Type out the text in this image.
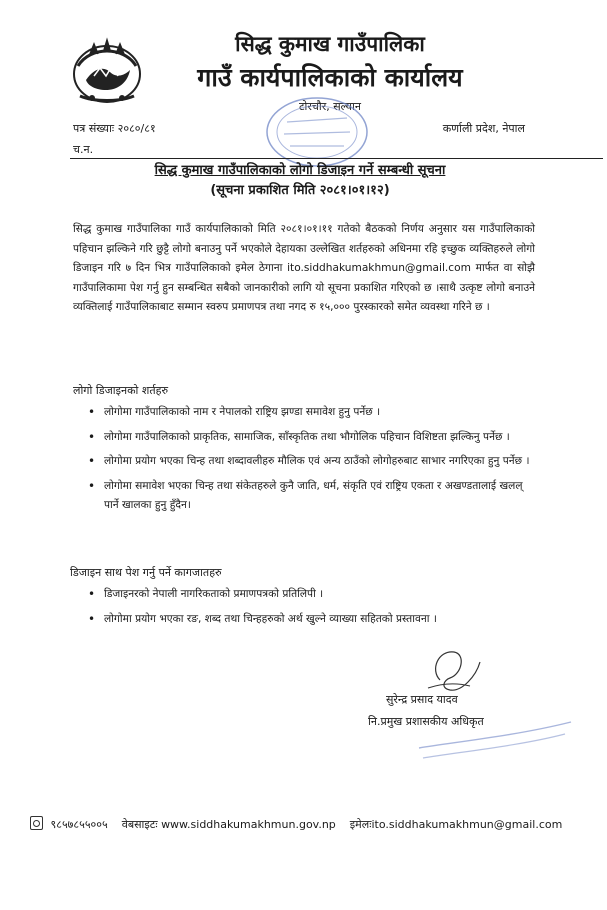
सिद्ध कुमाख गाउँपालिका
गाउँ कार्यपालिकाको कार्यालय
टोरचौर, सल्यान
पत्र संख्याः २०८०/८१
च.न.
कर्णाली प्रदेश, नेपाल
सिद्ध कुमाख गाउँपालिकाको लोगो डिजाइन गर्ने सम्बन्धी सूचना
(सूचना प्रकाशित मिति २०८१।०१।१२)
सिद्ध कुमाख गाउँपालिका गाउँ कार्यपालिकाको मिति २०८१।०१।११ गतेको बैठकको निर्णय अनुसार यस गाउँपालिकाको पहिचान झल्किने गरि छुट्टै लोगो बनाउनु पर्ने भएकोले देहायका उल्लेखित शर्तहरुको अधिनमा रहि इच्छुक व्यक्तिहरुले लोगो डिजाइन गरि ७ दिन भित्र गाउँपालिकाको इमेल ठेगाना ito.siddhakumakhmun@gmail.com मार्फत वा सोझै गाउँपालिकामा पेश गर्नु हुन सम्बन्धित सबैको जानकारीको लागि यो सूचना प्रकाशित गरिएको छ ।साथै उत्कृष्ट लोगो बनाउने व्यक्तिलाई गाउँपालिकाबाट सम्मान स्वरुप प्रमाणपत्र तथा नगद रु १५,००० पुरस्कारको समेत व्यवस्था गरिने छ ।
लोगो डिजाइनको शर्तहरु
• लोगोमा गाउँपालिकाको नाम र नेपालको राष्ट्रिय झण्डा समावेश हुनु पर्नेछ ।
• लोगोमा गाउँपालिकाको प्राकृतिक, सामाजिक, साँस्कृतिक तथा भौगोलिक पहिचान विशिष्टता झल्किनु पर्नेछ ।
• लोगोमा प्रयोग भएका चिन्ह तथा शब्दावलीहरु मौलिक एवं अन्य ठाउँको लोगोहरुबाट साभार नगरिएका हुनु पर्नेछ ।
• लोगोमा समावेश भएका चिन्ह तथा संकेतहरुले कुनै जाति, धर्म, संकृति एवं राष्ट्रिय एकता र अखण्डतालाई खलल् पार्ने खालका हुनु हुँदैन।
डिजाइन साथ पेश गर्नु पर्ने कागजातहरु
• डिजाइनरको नेपाली नागरिकताको प्रमाणपत्रको प्रतिलिपी ।
• लोगोमा प्रयोग भएका रङ, शब्द तथा चिन्हहरुको अर्थ खुल्ने व्याख्या सहितको प्रस्तावना ।
सुरेन्द्र प्रसाद यादव
नि.प्रमुख प्रशासकीय अधिकृत
९८५७८५५००५ वेबसाइटः www.siddhakumakhmun.gov.np इमेलःito.siddhakumakhmun@gmail.com
